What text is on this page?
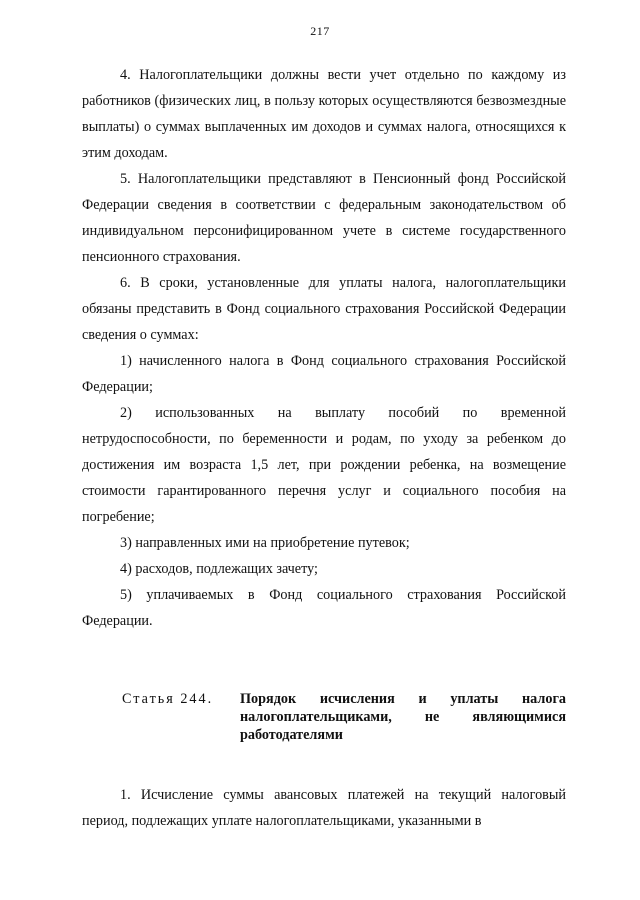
217

4. Налогоплательщики должны вести учет отдельно по каждому из работников (физических лиц, в пользу которых осуществляются безвозмездные выплаты) о суммах выплаченных им доходов и суммах налога, относящихся к этим доходам.

5. Налогоплательщики представляют в Пенсионный фонд Российской Федерации сведения в соответствии с федеральным законодательством об индивидуальном персонифицированном учете в системе государственного пенсионного страхования.

6. В сроки, установленные для уплаты налога, налогоплательщики обязаны представить в Фонд социального страхования Российской Федерации сведения о суммах:

1) начисленного налога в Фонд социального страхования Российской Федерации;

2) использованных на выплату пособий по временной нетрудоспособности, по беременности и родам, по уходу за ребенком до достижения им возраста 1,5 лет, при рождении ребенка, на возмещение стоимости гарантированного перечня услуг и социального пособия на погребение;

3) направленных ими на приобретение путевок;

4) расходов, подлежащих зачету;

5) уплачиваемых в Фонд социального страхования Российской Федерации.

Статья 244.	Порядок исчисления и уплаты налога налогоплательщиками, не являющимися работодателями

1. Исчисление суммы авансовых платежей на текущий налоговый период, подлежащих уплате налогоплательщиками, указанными в
